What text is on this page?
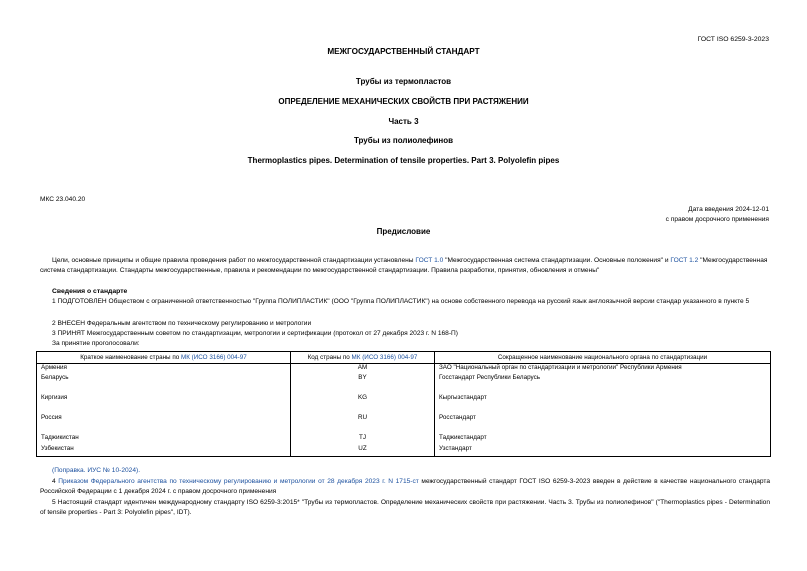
ГОСТ ISO 6259-3-2023
МЕЖГОСУДАРСТВЕННЫЙ СТАНДАРТ
Трубы из термопластов
ОПРЕДЕЛЕНИЕ МЕХАНИЧЕСКИХ СВОЙСТВ ПРИ РАСТЯЖЕНИИ
Часть 3
Трубы из полиолефинов
Thermoplastics pipes. Determination of tensile properties. Part 3. Polyolefin pipes
МКС 23.040.20
Дата введения 2024-12-01
с правом досрочного применения
Предисловие
Цели, основные принципы и общие правила проведения работ по межгосударственной стандартизации установлены ГОСТ 1.0 "Межгосударственная система стандартизации. Основные положения" и ГОСТ 1.2 "Межгосударственная система стандартизации. Стандарты межгосударственные, правила и рекомендации по межгосударственной стандартизации. Правила разработки, принятия, обновления и отмены"
Сведения о стандарте
1 ПОДГОТОВЛЕН Обществом с ограниченной ответственностью "Группа ПОЛИПЛАСТИК" (ООО "Группа ПОЛИПЛАСТИК") на основе собственного перевода на русский язык англоязычной версии стандар указанного в пункте 5
2 ВНЕСЕН Федеральным агентством по техническому регулированию и метрологии
3 ПРИНЯТ Межгосударственным советом по стандартизации, метрологии и сертификации (протокол от 27 декабря 2023 г. N 168-П)
За принятие проголосовали:
Краткое наименование страны по МК (ИСО 3166) 004-97	Код страны по МК (ИСО 3166) 004-97	Сокращенное наименование национального органа по стандартизации
Армения	AM	ЗАО "Национальный орган по стандартизации и метрологии" Республики Армения
Беларусь	BY	Госстандарт Республики Беларусь
Киргизия	KG	Кыргызстандарт
Россия	RU	Росстандарт
Таджикистан	TJ	Таджикстандарт
Узбекистан	UZ	Узстандарт
(Поправка. ИУС № 10-2024).
4 Приказом Федерального агентства по техническому регулированию и метрологии от 28 декабря 2023 г. N 1715-ст межгосударственный стандарт ГОСТ ISO 6259-3-2023 введен в действие в качестве национального стандарта Российской Федерации с 1 декабря 2024 г. с правом досрочного применения
5 Настоящий стандарт идентичен международному стандарту ISO 6259-3:2015* "Трубы из термопластов. Определение механических свойств при растяжении. Часть 3. Трубы из полиолефинов" ("Thermoplastics pipes - Determination of tensile properties - Part 3: Polyolefin pipes", IDT).
